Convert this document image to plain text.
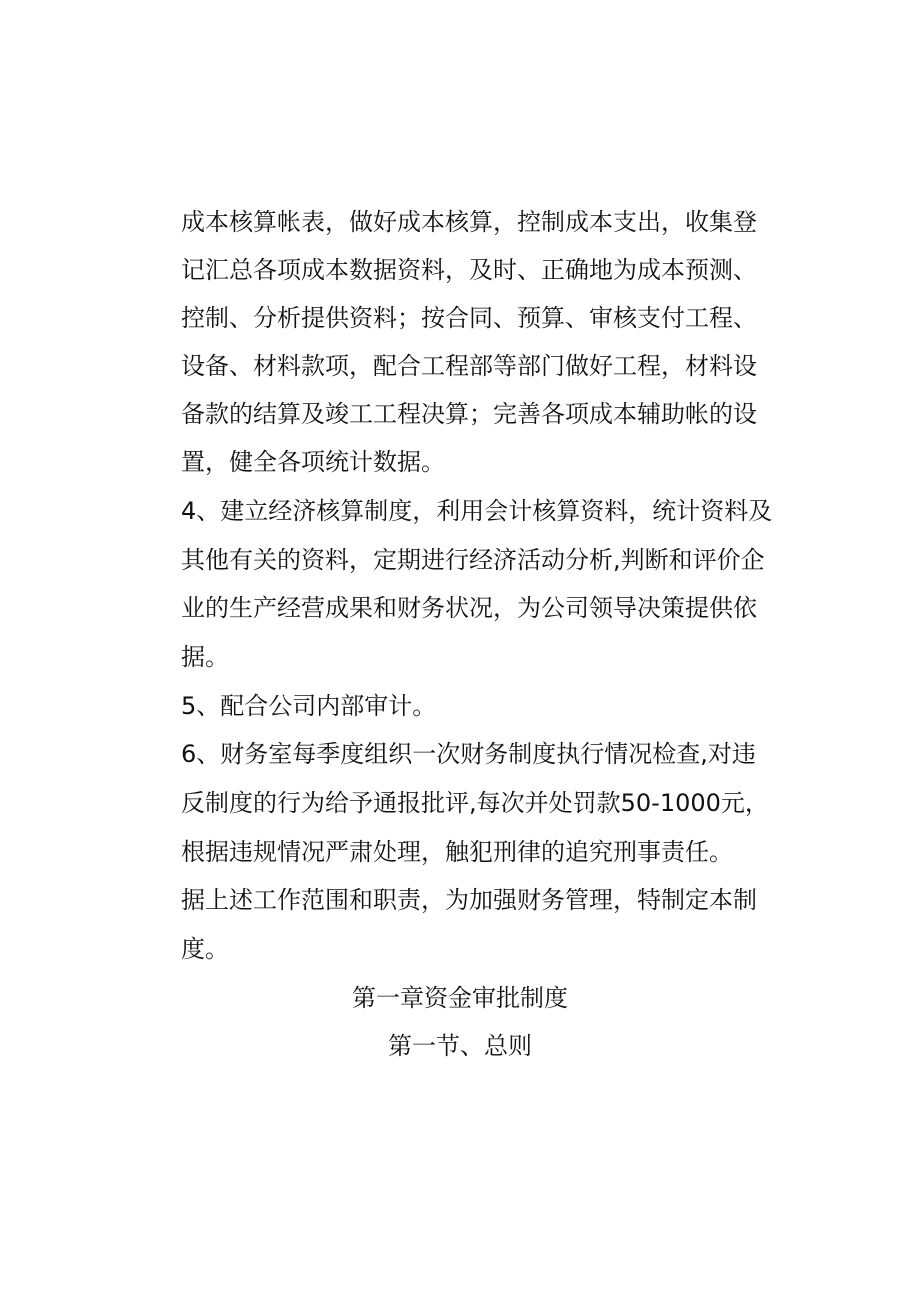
成本核算帐表，做好成本核算，控制成本支出，收集登
记汇总各项成本数据资料，及时、正确地为成本预测、
控制、分析提供资料；按合同、预算、审核支付工程、
设备、材料款项，配合工程部等部门做好工程，材料设
备款的结算及竣工工程决算；完善各项成本辅助帐的设
置，健全各项统计数据。
4、建立经济核算制度，利用会计核算资料，统计资料及
其他有关的资料，定期进行经济活动分析,判断和评价企
业的生产经营成果和财务状况，为公司领导决策提供依
据。
5、配合公司内部审计。
6、财务室每季度组织一次财务制度执行情况检查,对违
反制度的行为给予通报批评,每次并处罚款50-1000元，
根据违规情况严肃处理，触犯刑律的追究刑事责任。
据上述工作范围和职责，为加强财务管理，特制定本制
度。
第一章资金审批制度
第一节、总则
